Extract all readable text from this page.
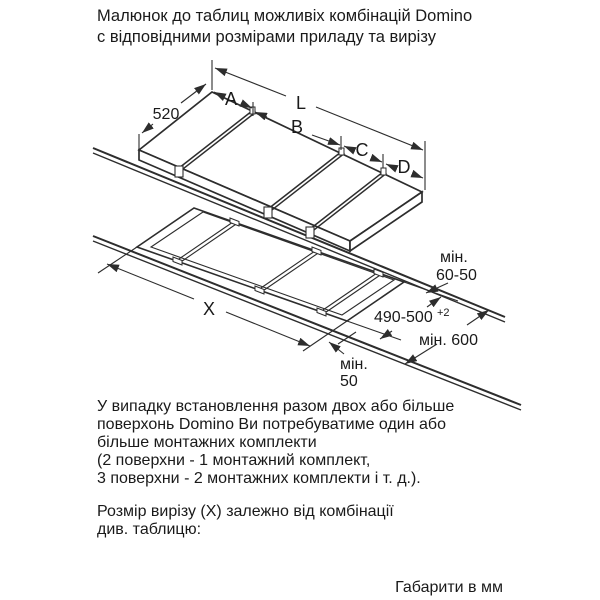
Малюнок до таблиц можливіх комбінацій Domino
с відповідними розмірами приладу та вирізу
L
A
B
C
D
520
X	490-500 +2
мін. 600
мін.
60-50
мін.
50
У випадку встановлення разом двох або більше
поверхонь Domino Ви потребуватиме один або
більше монтажних комплекти
(2 поверхни - 1 монтажний комплект,
3 поверхни - 2 монтажних комплекти і т. д.).
Розмір вирізу (X) залежно від комбінації
див. таблицю:
Габарити в мм
